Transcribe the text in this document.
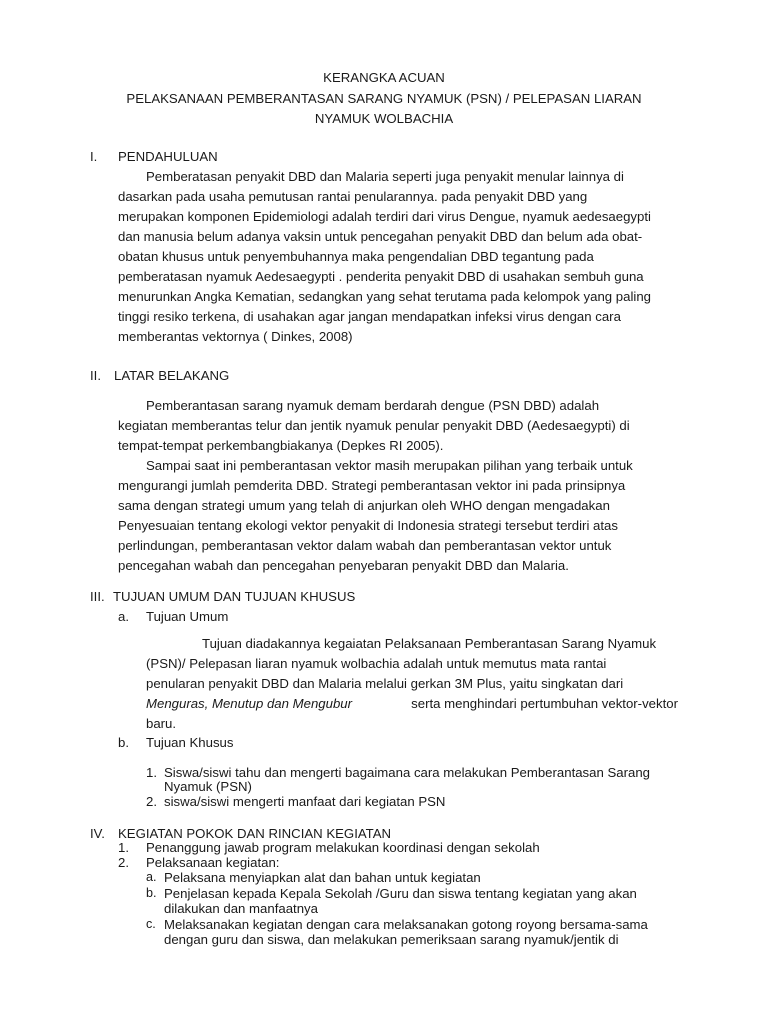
KERANGKA ACUAN
PELAKSANAAN PEMBERANTASAN SARANG NYAMUK (PSN) / PELEPASAN LIARAN
NYAMUK WOLBACHIA
I. PENDAHULUAN
Pemberatasan penyakit DBD dan Malaria seperti juga penyakit menular lainnya di
dasarkan pada usaha pemutusan rantai penularannya. pada penyakit DBD yang
merupakan komponen Epidemiologi adalah terdiri dari virus Dengue, nyamuk aedesaegypti
dan manusia belum adanya vaksin untuk pencegahan penyakit DBD dan belum ada obat-
obatan khusus untuk penyembuhannya maka pengendalian DBD tegantung pada
pemberatasan nyamuk Aedesaegypti . penderita penyakit DBD di usahakan sembuh guna
menurunkan Angka Kematian, sedangkan yang sehat terutama pada kelompok yang paling
tinggi resiko terkena, di usahakan agar jangan mendapatkan infeksi virus dengan cara
memberantas vektornya ( Dinkes, 2008)
II. LATAR BELAKANG
Pemberantasan sarang nyamuk demam berdarah dengue (PSN DBD) adalah
kegiatan memberantas telur dan jentik nyamuk penular penyakit DBD (Aedesaegypti) di
tempat-tempat perkembangbiakanya (Depkes RI 2005).
Sampai saat ini pemberantasan vektor masih merupakan pilihan yang terbaik untuk
mengurangi jumlah pemderita DBD. Strategi pemberantasan vektor ini pada prinsipnya
sama dengan strategi umum yang telah di anjurkan oleh WHO dengan mengadakan
Penyesuaian tentang ekologi vektor penyakit di Indonesia strategi tersebut terdiri atas
perlindungan, pemberantasan vektor dalam wabah dan pemberantasan vektor untuk
pencegahan wabah dan pencegahan penyebaran penyakit DBD dan Malaria.
III. TUJUAN UMUM DAN TUJUAN KHUSUS
a. Tujuan Umum
Tujuan diadakannya kegaiatan Pelaksanaan Pemberantasan Sarang Nyamuk
(PSN)/ Pelepasan liaran nyamuk wolbachia adalah untuk memutus mata rantai
penularan penyakit DBD dan Malaria melalui gerkan 3M Plus, yaitu singkatan dari
Menguras, Menutup dan Mengubur	serta menghindari pertumbuhan vektor-vektor
baru.
b. Tujuan Khusus
1. Siswa/siswi tahu dan mengerti bagaimana cara melakukan Pemberantasan Sarang
Nyamuk (PSN)
2. siswa/siswi mengerti manfaat dari kegiatan PSN
IV. KEGIATAN POKOK DAN RINCIAN KEGIATAN
1. Penanggung jawab program melakukan koordinasi dengan sekolah
2. Pelaksanaan kegiatan:
a. Pelaksana menyiapkan alat dan bahan untuk kegiatan
b. Penjelasan kepada Kepala Sekolah /Guru dan siswa tentang kegiatan yang akan
dilakukan dan manfaatnya
c. Melaksanakan kegiatan dengan cara melaksanakan gotong royong bersama-sama
dengan guru dan siswa, dan melakukan pemeriksaan sarang nyamuk/jentik di
